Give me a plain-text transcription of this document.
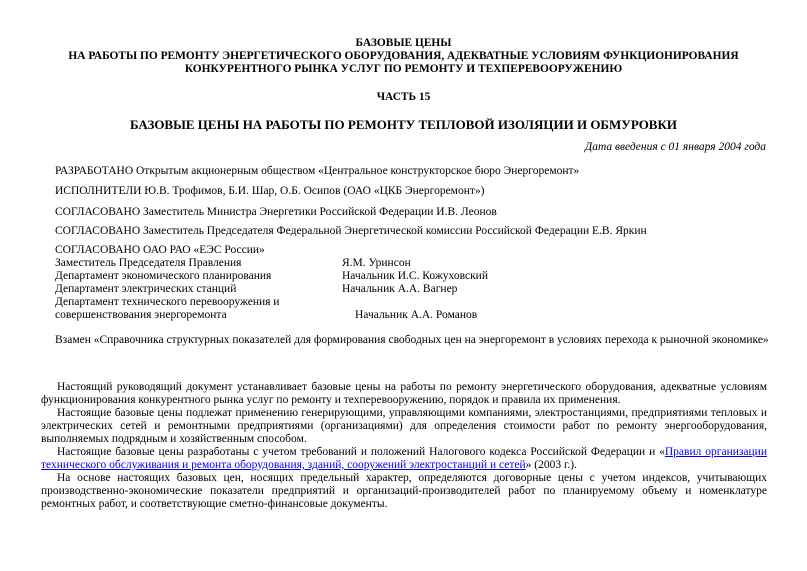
БАЗОВЫЕ ЦЕНЫ
НА РАБОТЫ ПО РЕМОНТУ ЭНЕРГЕТИЧЕСКОГО ОБОРУДОВАНИЯ, АДЕКВАТНЫЕ УСЛОВИЯМ ФУНКЦИОНИРОВАНИЯ
КОНКУРЕНТНОГО РЫНКА УСЛУГ ПО РЕМОНТУ И ТЕХПЕРЕВООРУЖЕНИЮ
ЧАСТЬ 15
БАЗОВЫЕ ЦЕНЫ НА РАБОТЫ ПО РЕМОНТУ ТЕПЛОВОЙ ИЗОЛЯЦИИ И ОБМУРОВКИ
Дата введения с 01 января 2004 года
РАЗРАБОТАНО Открытым акционерным обществом «Центральное конструкторское бюро Энергоремонт»
ИСПОЛНИТЕЛИ Ю.В. Трофимов, Б.И. Шар, О.Б. Осипов (ОАО «ЦКБ Энергоремонт»)
СОГЛАСОВАНО Заместитель Министра Энергетики Российской Федерации И.В. Леонов
СОГЛАСОВАНО Заместитель Председателя Федеральной Энергетической комиссии Российской Федерации Е.В. Яркин
СОГЛАСОВАНО ОАО РАО «ЕЭС России»
Заместитель Председателя Правления	Я.М. Уринсон
Департамент экономического планирования	Начальник И.С. Кожуховский
Департамент электрических станций	Начальник А.А. Вагнер
Департамент технического перевооружения и
совершенствования энергоремонта	Начальник А.А. Романов
Взамен «Справочника структурных показателей для формирования свободных цен на энергоремонт в условиях перехода к рыночной экономике»

Настоящий руководящий документ устанавливает базовые цены на работы по ремонту энергетического оборудования, адекватные условиям функционирования конкурентного рынка услуг по ремонту и техперевооружению, порядок и правила их применения.

Настоящие базовые цены подлежат применению генерирующими, управляющими компаниями, электростанциями, предприятиями тепловых и электрических сетей и ремонтными предприятиями (организациями) для определения стоимости работ по ремонту энергооборудования, выполняемых подрядным и хозяйственным способом.

Настоящие базовые цены разработаны с учетом требований и положений Налогового кодекса Российской Федерации и «Правил организации технического обслуживания и ремонта оборудования, зданий, сооружений электростанций и сетей» (2003 г.).

На основе настоящих базовых цен, носящих предельный характер, определяются договорные цены с учетом индексов, учитывающих производственно-экономические показатели предприятий и организаций-производителей работ по планируемому объему и номенклатуре ремонтных работ, и соответствующие сметно-финансовые документы.
